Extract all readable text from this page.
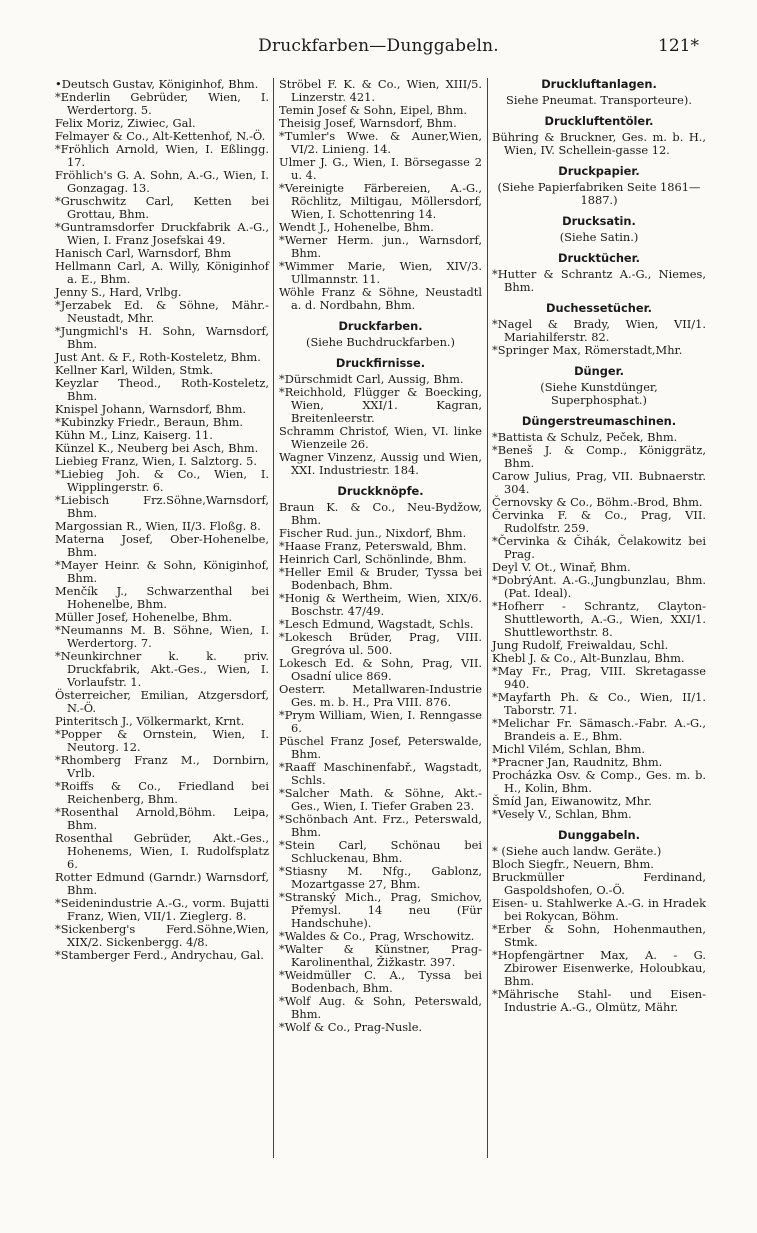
Druckfarben—Dunggabeln.	121*

•Deutsch Gustav, Königinhof, Bhm.

*Enderlin Gebrüder, Wien, I. Werdertorg. 5.

Felix Moriz, Ziwiec, Gal.

Felmayer & Co., Alt-Kettenhof, N.-Ö.

*Fröhlich Arnold, Wien, I. Eßlingg. 17.

Fröhlich's G. A. Sohn, A.-G., Wien, I. Gonzagag. 13.

*Gruschwitz Carl, Ketten bei Grottau, Bhm.

*Guntramsdorfer Druckfabrik A.-G., Wien, I. Franz Josefskai 49.

Hanisch Carl, Warnsdorf, Bhm

Hellmann Carl, A. Willy, Königinhof a. E., Bhm.

Jenny S., Hard, Vrlbg.

*Jerzabek Ed. & Söhne, Mähr.-Neustadt, Mhr.

*Jungmichl's H. Sohn, Warnsdorf, Bhm.

Just Ant. & F., Roth-Kosteletz, Bhm.

Kellner Karl, Wilden, Stmk.

Keyzlar Theod., Roth-Kosteletz, Bhm.

Knispel Johann, Warnsdorf, Bhm.

*Kubinzky Friedr., Beraun, Bhm.

Kühn M., Linz, Kaiserg. 11.

Künzel K., Neuberg bei Asch, Bhm.

Liebieg Franz, Wien, I. Salztorg. 5.

*Liebieg Joh. & Co., Wien, I. Wipplingerstr. 6.

*Liebisch Frz.Söhne,Warnsdorf, Bhm.

Margossian R., Wien, II/3. Floßg. 8.

Materna Josef, Ober-Hohenelbe, Bhm.

*Mayer Heinr. & Sohn, Königinhof, Bhm.

Menčík J., Schwarzenthal bei Hohenelbe, Bhm.

Müller Josef, Hohenelbe, Bhm.

*Neumanns M. B. Söhne, Wien, I. Werdertorg. 7.

*Neunkirchner k. k. priv. Druckfabrik, Akt.-Ges., Wien, I. Vorlaufstr. 1.

Österreicher, Emilian, Atzgersdorf, N.-Ö.

Pinteritsch J., Völkermarkt, Krnt.

*Popper & Ornstein, Wien, I. Neutorg. 12.

*Rhomberg Franz M., Dornbirn, Vrlb.

*Roiffs & Co., Friedland bei Reichenberg, Bhm.

*Rosenthal Arnold,Böhm. Leipa, Bhm.

Rosenthal Gebrüder, Akt.-Ges., Hohenems, Wien, I. Rudolfsplatz 6.

Rotter Edmund (Garndr.) Warnsdorf, Bhm.

*Seidenindustrie A.-G., vorm. Bujatti Franz, Wien, VII/1. Zieglerg. 8.

*Sickenberg's Ferd.Söhne,Wien, XIX/2. Sickenbergg. 4/8.

*Stamberger Ferd., Andrychau, Gal.

Ströbel F. K. & Co., Wien, XIII/5. Linzerstr. 421.

Temin Josef & Sohn, Eipel, Bhm.

Theisig Josef, Warnsdorf, Bhm.

*Tumler's Wwe. & Auner,Wien, VI/2. Linieng. 14.

Ulmer J. G., Wien, I. Börsegasse 2 u. 4.

*Vereinigte Färbereien, A.-G., Röchlitz, Miltigau, Möllersdorf, Wien, I. Schottenring 14.

Wendt J., Hohenelbe, Bhm.

*Werner Herm. jun., Warnsdorf, Bhm.

*Wimmer Marie, Wien, XIV/3. Ullmannstr. 11.

Wöhle Franz & Söhne, Neustadtl a. d. Nordbahn, Bhm.

Druckfarben.
(Siehe Buchdruckfarben.)
Druckfirnisse.

*Dürschmidt Carl, Aussig, Bhm.

*Reichhold, Flügger & Boecking, Wien, XXI/1. Kagran, Breitenleerstr.

Schramm Christof, Wien, VI. linke Wienzeile 26.

Wagner Vinzenz, Aussig und Wien, XXI. Industriestr. 184.

Druckknöpfe.

Braun K. & Co., Neu-Bydžow, Bhm.

Fischer Rud. jun., Nixdorf, Bhm.

*Haase Franz, Peterswald, Bhm.

Heinrich Carl, Schönlinde, Bhm.

*Heller Emil & Bruder, Tyssa bei Bodenbach, Bhm.

*Honig & Wertheim, Wien, XIX/6. Boschstr. 47/49.

*Lesch Edmund, Wagstadt, Schls.

*Lokesch Brüder, Prag, VIII. Gregróva ul. 500.

Lokesch Ed. & Sohn, Prag, VII. Osadní ulice 869.

Oesterr. Metallwaren-Industrie Ges. m. b. H., Pra VIII. 876.

*Prym William, Wien, I. Renngasse 6.

Püschel Franz Josef, Peterswalde, Bhm.

*Raaff Maschinenfabř., Wagstadt, Schls.

*Salcher Math. & Söhne, Akt.-Ges., Wien, I. Tiefer Graben 23.

*Schönbach Ant. Frz., Peterswald, Bhm.

*Stein Carl, Schönau bei Schluckenau, Bhm.

*Stiasny M. Nfg., Gablonz, Mozartgasse 27, Bhm.

*Stranský Mich., Prag, Smichov, Přemysl. 14 neu (Für Handschuhe).

*Waldes & Co., Prag, Wrschowitz.

*Walter & Künstner, Prag-Karolinenthal, Žižkastr. 397.

*Weidmüller C. A., Tyssa bei Bodenbach, Bhm.

*Wolf Aug. & Sohn, Peterswald, Bhm.

*Wolf & Co., Prag-Nusle.

Druckluftanlagen.
Siehe Pneumat. Transporteure).
Druckluftentöler.

Bühring & Bruckner, Ges. m. b. H., Wien, IV. Schellein-gasse 12.

Druckpapier.
(Siehe Papierfabriken Seite 1861—1887.)
Drucksatin.
(Siehe Satin.)
Drucktücher.

*Hutter & Schrantz A.-G., Niemes, Bhm.

Duchessetücher.

*Nagel & Brady, Wien, VII/1. Mariahilferstr. 82.

*Springer Max, Römerstadt,Mhr.

Dünger.
(Siehe Kunstdünger, Superphosphat.)
Düngerstreumaschinen.

*Battista & Schulz, Peček, Bhm.

*Beneš J. & Comp., Königgrätz, Bhm.

Carow Julius, Prag, VII. Bubnaerstr. 304.

Černovsky & Co., Böhm.-Brod, Bhm.

Červinka F. & Co., Prag, VII. Rudolfstr. 259.

*Červinka & Čihák, Čelakowitz bei Prag.

Deyl V. Ot., Winař, Bhm.

*DobrýAnt. A.-G.,Jungbunzlau, Bhm. (Pat. Ideal).

*Hofherr - Schrantz, Clayton-Shuttleworth, A.-G., Wien, XXI/1. Shuttleworthstr. 8.

Jung Rudolf, Freiwaldau, Schl.

Khebl J. & Co., Alt-Bunzlau, Bhm.

*May Fr., Prag, VIII. Skretagasse 940.

*Mayfarth Ph. & Co., Wien, II/1. Taborstr. 71.

*Melichar Fr. Sämasch.-Fabr. A.-G., Brandeis a. E., Bhm.

Michl Vilém, Schlan, Bhm.

*Pracner Jan, Raudnitz, Bhm.

Procházka Osv. & Comp., Ges. m. b. H., Kolin, Bhm.

Šmíd Jan, Eiwanowitz, Mhr.

*Vesely V., Schlan, Bhm.

Dunggabeln.

* (Siehe auch landw. Geräte.)

Bloch Siegfr., Neuern, Bhm.

Bruckmüller Ferdinand, Gaspoldshofen, O.-Ö.

Eisen- u. Stahlwerke A.-G. in Hradek bei Rokycan, Böhm.

*Erber & Sohn, Hohenmauthen, Stmk.

*Hopfengärtner Max, A. - G. Zbirower Eisenwerke, Holoubkau, Bhm.

*Mährische Stahl- und Eisen-Industrie A.-G., Olmütz, Mähr.
